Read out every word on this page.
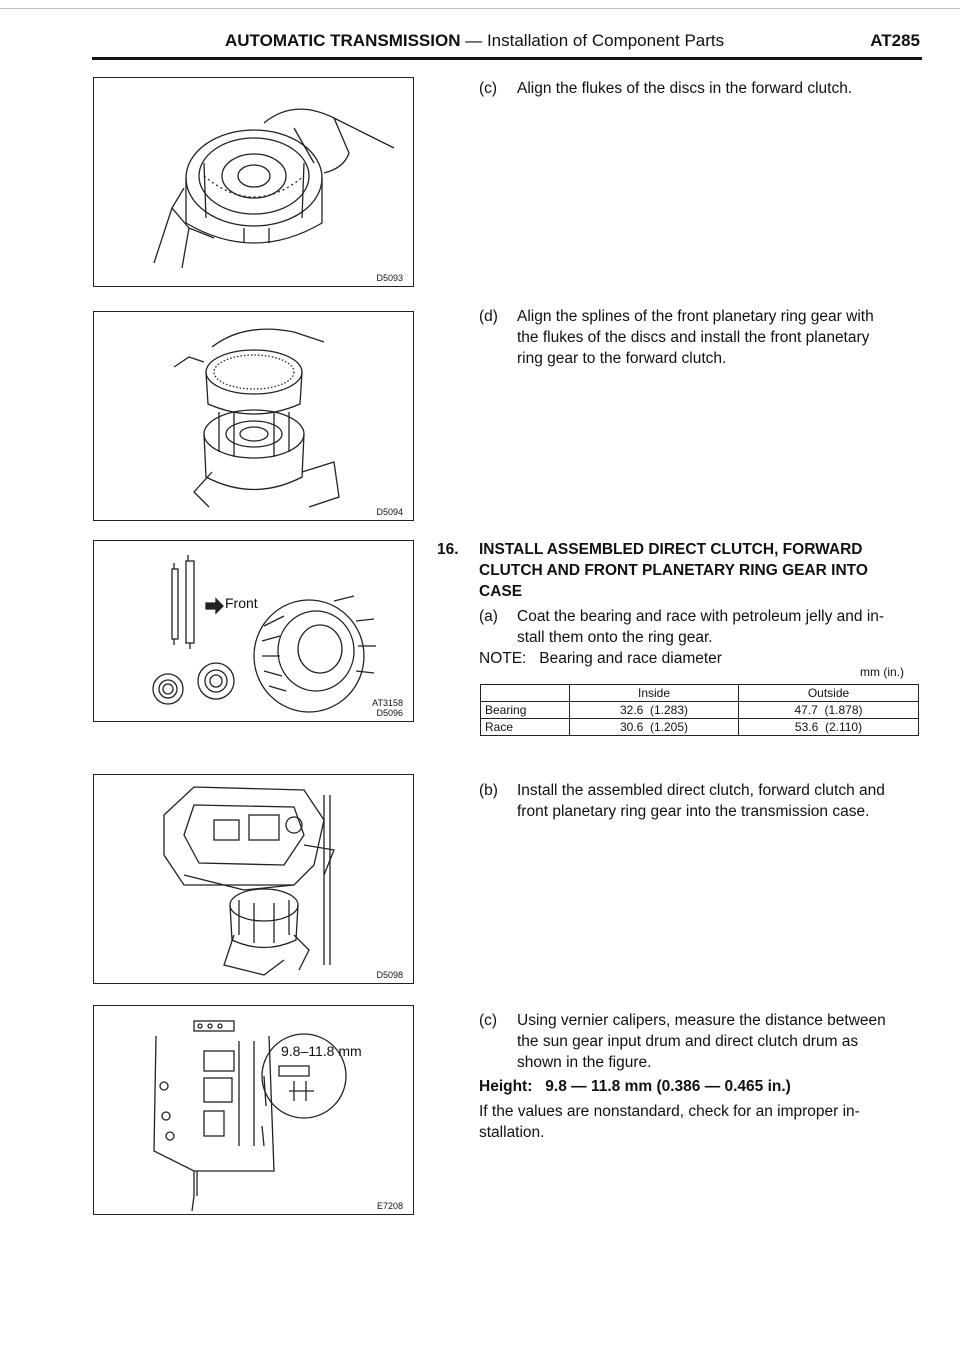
AUTOMATIC TRANSMISSION — Installation of Component Parts	AT285
D5093
D5094
Front
AT3158
D5096
D5098
9.8–11.8 mm
E7208
(c) Align the flukes of the discs in the forward clutch.
(d) Align the splines of the front planetary ring gear with
the flukes of the discs and install the front planetary
ring gear to the forward clutch.
16. INSTALL ASSEMBLED DIRECT CLUTCH, FORWARD
CLUTCH AND FRONT PLANETARY RING GEAR INTO
CASE
(a) Coat the bearing and race with petroleum jelly and in-
stall them onto the ring gear.
NOTE:   Bearing and race diameter
mm (in.)
	Inside	Outside
Bearing	32.6  (1.283)	47.7  (1.878)
Race	30.6  (1.205)	53.6  (2.110)
(b) Install the assembled direct clutch, forward clutch and
front planetary ring gear into the transmission case.
(c) Using vernier calipers, measure the distance between
the sun gear input drum and direct clutch drum as
shown in the figure.
Height:   9.8 — 11.8 mm (0.386 — 0.465 in.)
If the values are nonstandard, check for an improper in-
stallation.
